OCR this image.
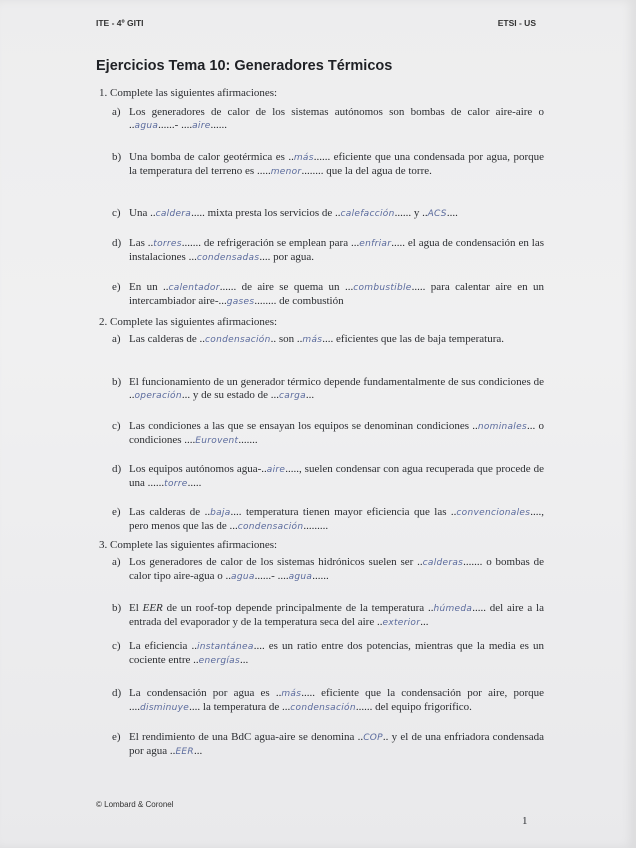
ITE - 4º GITI	ETSI - US
Ejercicios Tema 10: Generadores Térmicos
1. Complete las siguientes afirmaciones:
a) Los generadores de calor de los sistemas autónomos son bombas de calor aire-aire o ..agua......- ....aire......
b) Una bomba de calor geotérmica es ..más...... eficiente que una condensada por agua, porque la temperatura del terreno es .....menor........ que la del agua de torre.
c) Una ..caldera..... mixta presta los servicios de ..calefacción...... y ..ACS....
d) Las ..torres....... de refrigeración se emplean para ...enfriar..... el agua de condensación en las instalaciones ...condensadas.... por agua.
e) En un ..calentador...... de aire se quema un ...combustible..... para calentar aire en un intercambiador aire-...gases........ de combustión
2. Complete las siguientes afirmaciones:
a) Las calderas de ..condensación.. son ..más.... eficientes que las de baja temperatura.
b) El funcionamiento de un generador térmico depende fundamentalmente de sus condiciones de ..operación... y de su estado de ...carga...
c) Las condiciones a las que se ensayan los equipos se denominan condiciones ..nominales... o condiciones ....Eurovent.......
d) Los equipos autónomos agua-..aire....., suelen condensar con agua recuperada que procede de una ......torre.....
e) Las calderas de ..baja.... temperatura tienen mayor eficiencia que las ..convencionales...., pero menos que las de ...condensación.........
3. Complete las siguientes afirmaciones:
a) Los generadores de calor de los sistemas hidrónicos suelen ser ..calderas....... o bombas de calor tipo aire-agua o ..agua......- ....agua......
b) El EER de un roof-top depende principalmente de la temperatura ..húmeda..... del aire a la entrada del evaporador y de la temperatura seca del aire ..exterior...
c) La eficiencia ..instantánea.... es un ratio entre dos potencias, mientras que la media es un cociente entre ..energías...
d) La condensación por agua es ..más..... eficiente que la condensación por aire, porque ....disminuye.... la temperatura de ...condensación...... del equipo frigorífico.
e) El rendimiento de una BdC agua-aire se denomina ..COP.. y el de una enfriadora condensada por agua ..EER...
© Lombard & Coronel
1
